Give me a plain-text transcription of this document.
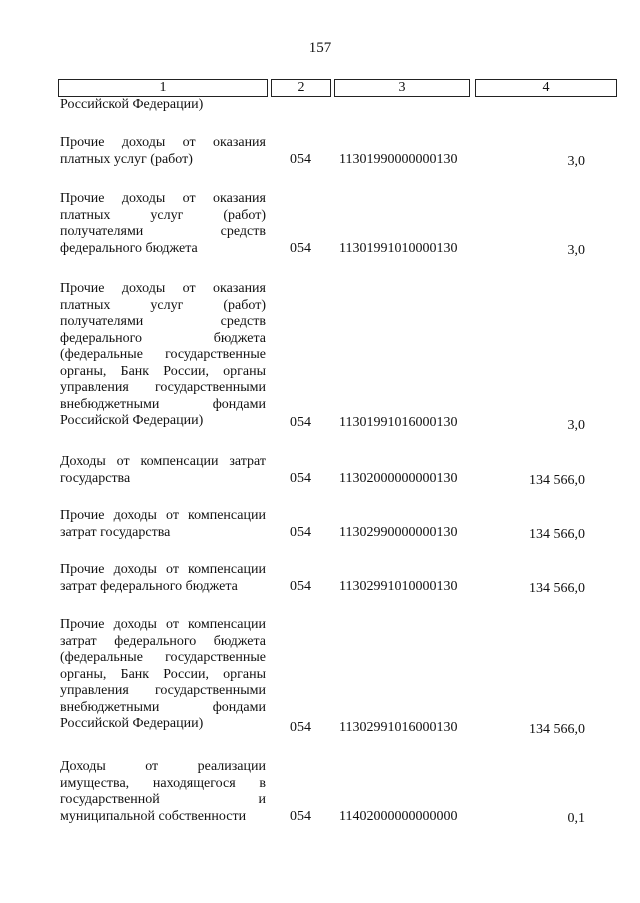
157
1	2	3	4
Российской Федерации)
Прочие доходы от оказания платных услуг (работ)	054 11301990000000130	3,0
Прочие доходы от оказания платных услуг (работ) получателями средств федерального бюджета	054 11301991010000130	3,0
Прочие доходы от оказания платных услуг (работ) получателями средств федерального бюджета (федеральные государственные органы, Банк России, органы управления государственными внебюджетными фондами Российской Федерации)	054 11301991016000130	3,0
Доходы от компенсации затрат государства	054 11302000000000130	134 566,0
Прочие доходы от компенсации затрат государства	054 11302990000000130	134 566,0
Прочие доходы от компенсации затрат федерального бюджета	054 11302991010000130	134 566,0
Прочие доходы от компенсации затрат федерального бюджета (федеральные государственные органы, Банк России, органы управления государственными внебюджетными фондами Российской Федерации)	054 11302991016000130	134 566,0
Доходы от реализации имущества, находящегося в государственной и муниципальной собственности	054 11402000000000000	0,1
